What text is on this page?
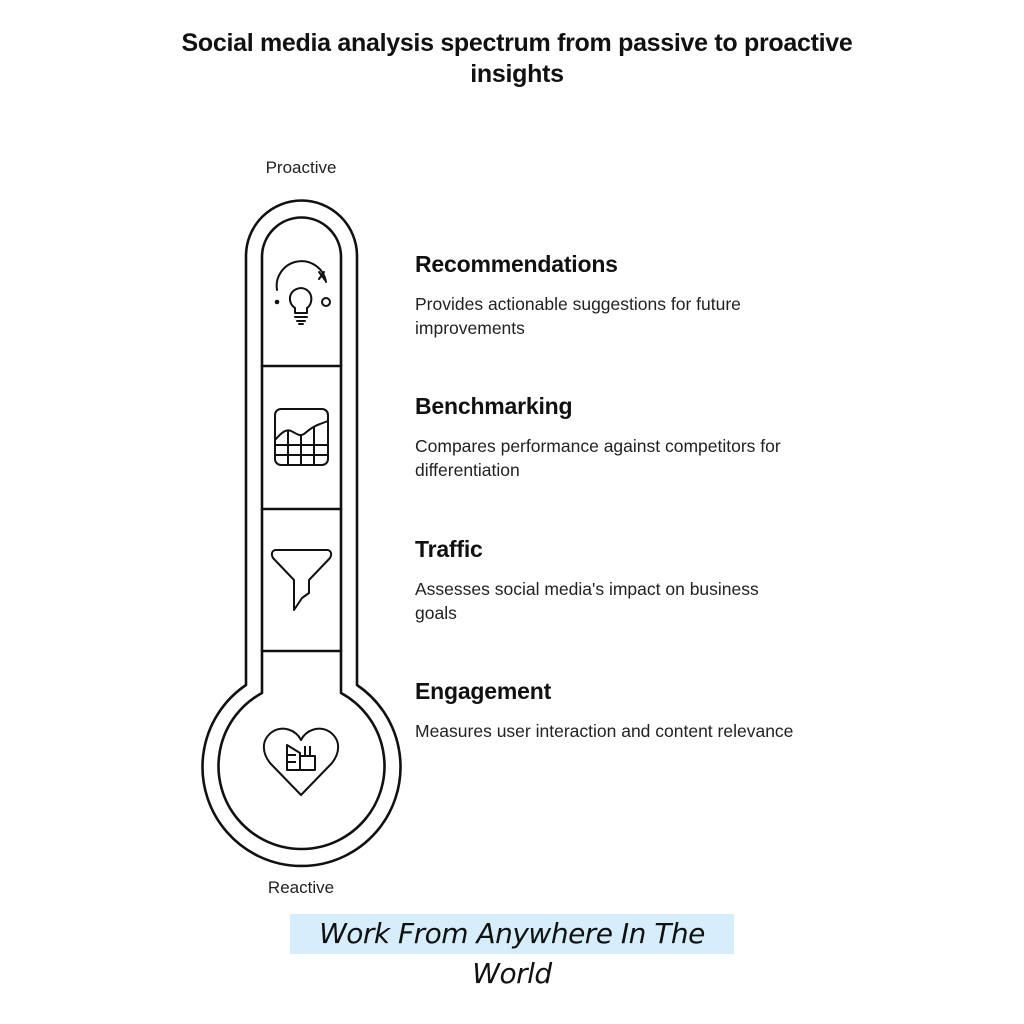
Social media analysis spectrum from passive to proactive insights
Proactive
Reactive
Recommendations
Provides actionable suggestions for future improvements
Benchmarking
Compares performance against competitors for differentiation
Traffic
Assesses social media's impact on business goals
Engagement
Measures user interaction and content relevance
Work From Anywhere In The World
